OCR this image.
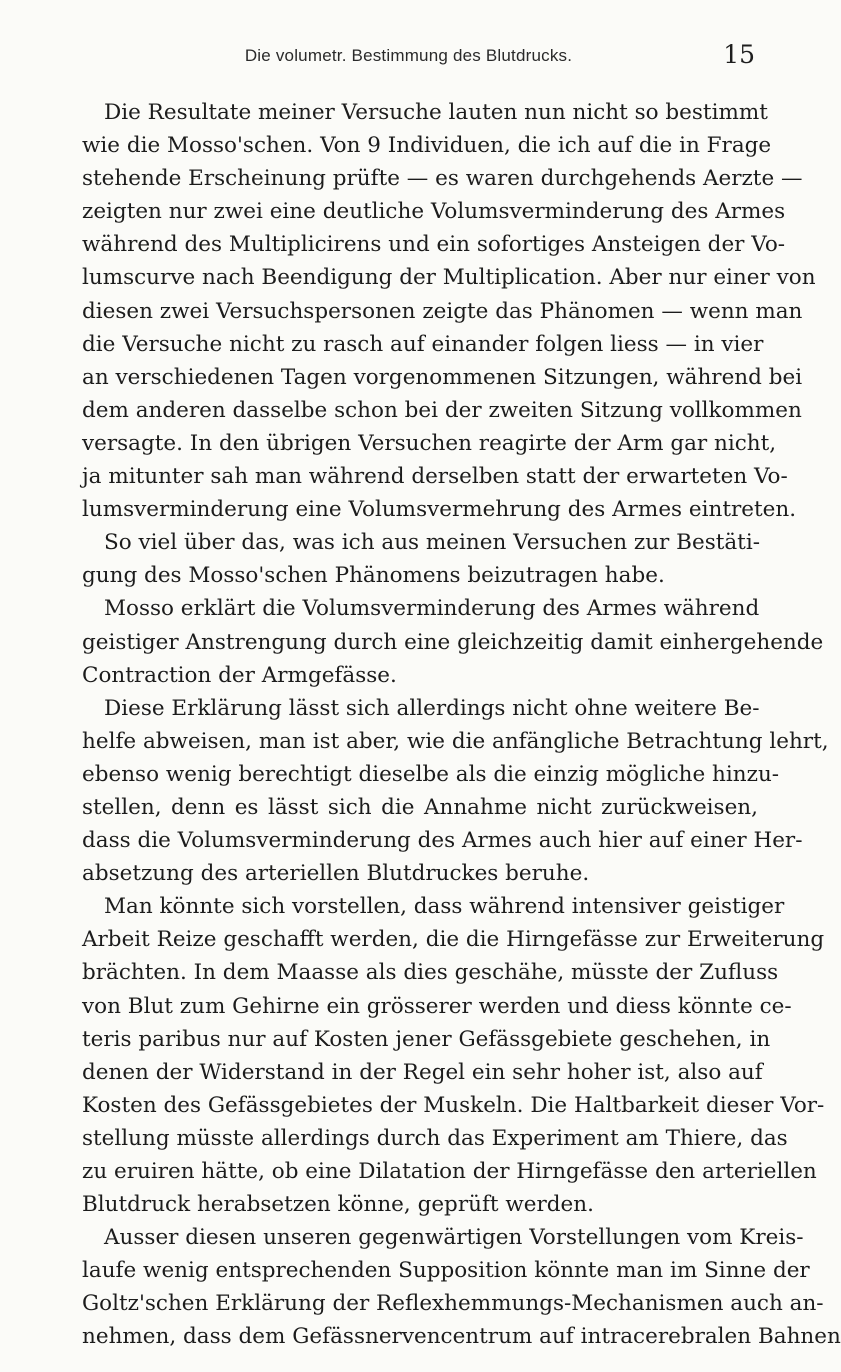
Die volumetr. Bestimmung des Blutdrucks.	15
Die Resultate meiner Versuche lauten nun nicht so bestimmt
wie die Mosso'schen. Von 9 Individuen, die ich auf die in Frage
stehende Erscheinung prüfte — es waren durchgehends Aerzte —
zeigten nur zwei eine deutliche Volumsverminderung des Armes
während des Multiplicirens und ein sofortiges Ansteigen der Vo-
lumscurve nach Beendigung der Multiplication. Aber nur einer von
diesen zwei Versuchspersonen zeigte das Phänomen — wenn man
die Versuche nicht zu rasch auf einander folgen liess — in vier
an verschiedenen Tagen vorgenommenen Sitzungen, während bei
dem anderen dasselbe schon bei der zweiten Sitzung vollkommen
versagte. In den übrigen Versuchen reagirte der Arm gar nicht,
ja mitunter sah man während derselben statt der erwarteten Vo-
lumsverminderung eine Volumsvermehrung des Armes eintreten.
So viel über das, was ich aus meinen Versuchen zur Bestäti-
gung des Mosso'schen Phänomens beizutragen habe.
Mosso erklärt die Volumsverminderung des Armes während
geistiger Anstrengung durch eine gleichzeitig damit einhergehende
Contraction der Armgefässe.
Diese Erklärung lässt sich allerdings nicht ohne weitere Be-
helfe abweisen, man ist aber, wie die anfängliche Betrachtung lehrt,
ebenso wenig berechtigt dieselbe als die einzig mögliche hinzu-
stellen, denn es lässt sich die Annahme nicht zurückweisen,
dass die Volumsverminderung des Armes auch hier auf einer Her-
absetzung des arteriellen Blutdruckes beruhe.
Man könnte sich vorstellen, dass während intensiver geistiger
Arbeit Reize geschafft werden, die die Hirngefässe zur Erweiterung
brächten. In dem Maasse als dies geschähe, müsste der Zufluss
von Blut zum Gehirne ein grösserer werden und diess könnte ce-
teris paribus nur auf Kosten jener Gefässgebiete geschehen, in
denen der Widerstand in der Regel ein sehr hoher ist, also auf
Kosten des Gefässgebietes der Muskeln. Die Haltbarkeit dieser Vor-
stellung müsste allerdings durch das Experiment am Thiere, das
zu eruiren hätte, ob eine Dilatation der Hirngefässe den arteriellen
Blutdruck herabsetzen könne, geprüft werden.
Ausser diesen unseren gegenwärtigen Vorstellungen vom Kreis-
laufe wenig entsprechenden Supposition könnte man im Sinne der
Goltz'schen Erklärung der Reflexhemmungs-Mechanismen auch an-
nehmen, dass dem Gefässnervencentrum auf intracerebralen Bahnen
